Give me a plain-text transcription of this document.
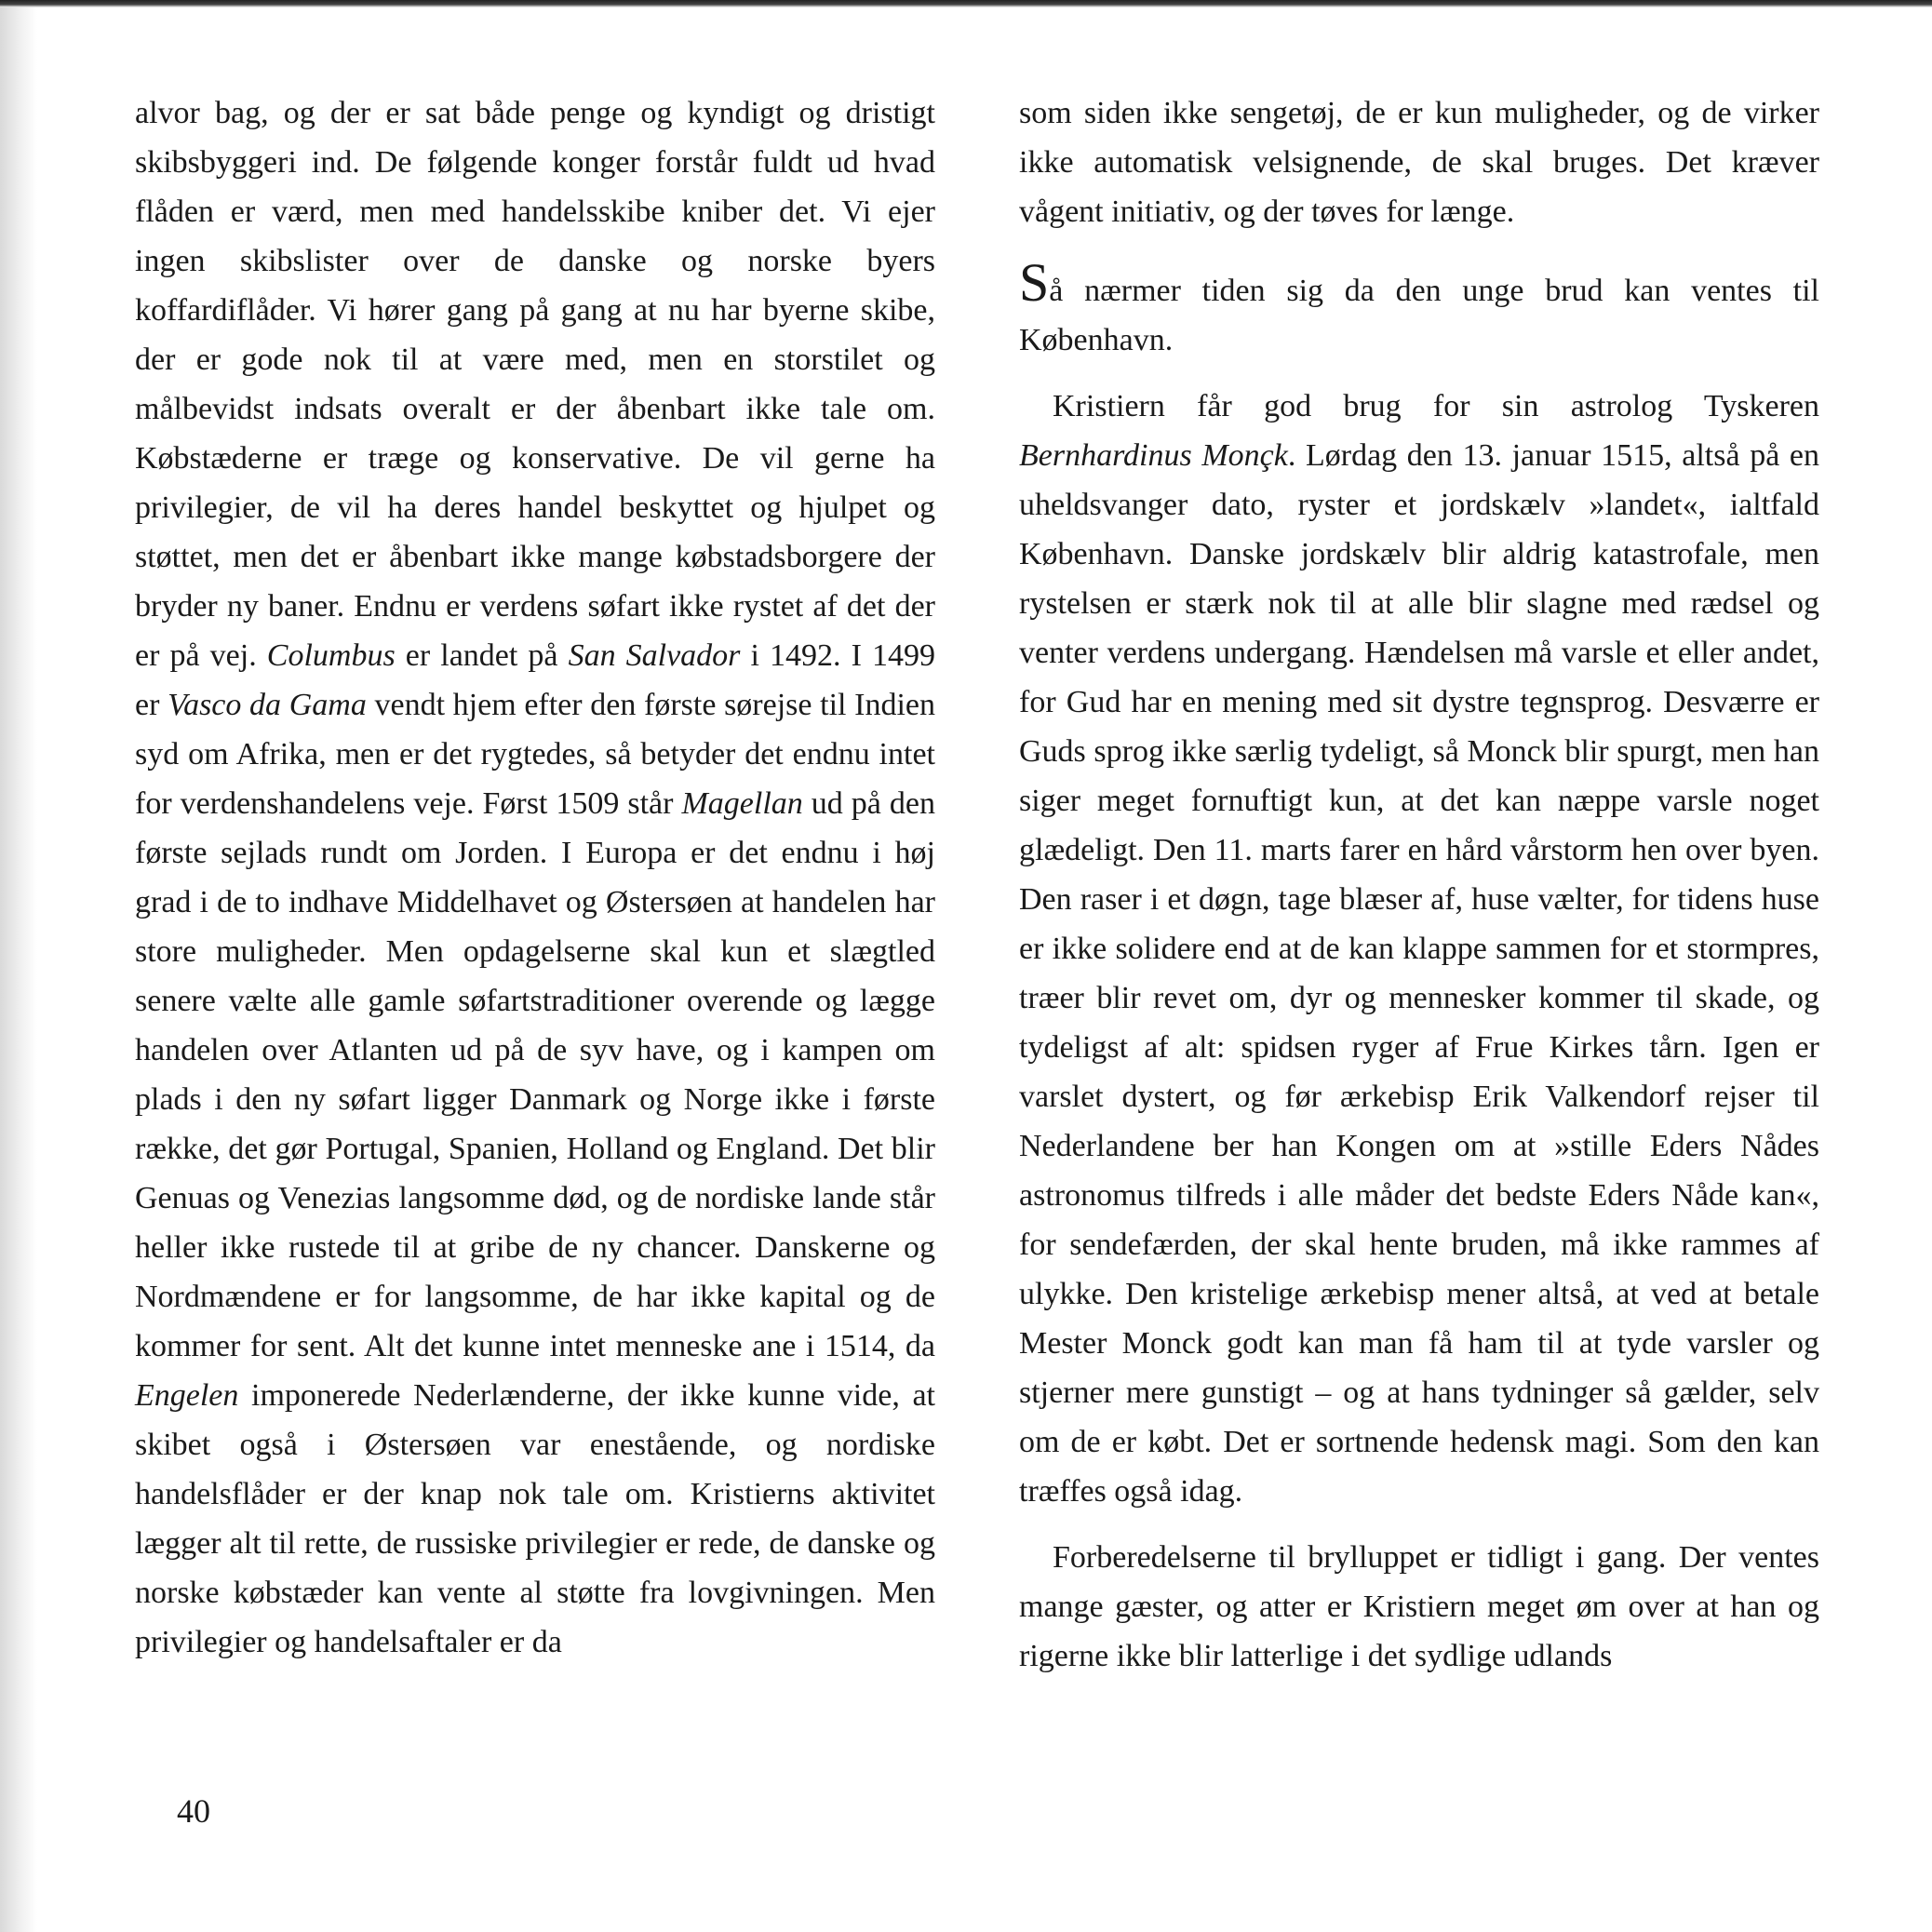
alvor bag, og der er sat både penge og kyndigt og dristigt skibsbyggeri ind. De følgende konger forstår fuldt ud hvad flåden er værd, men med handelsskibe kniber det. Vi ejer ingen skibslister over de danske og norske byers koffardiflåder. Vi hører gang på gang at nu har byerne skibe, der er gode nok til at være med, men en storstilet og målbevidst indsats overalt er der åbenbart ikke tale om. Købstæderne er træge og konservative. De vil gerne ha privilegier, de vil ha deres handel beskyttet og hjulpet og støttet, men det er åbenbart ikke mange købstadsborgere der bryder ny baner. Endnu er verdens søfart ikke rystet af det der er på vej. Columbus er landet på San Salvador i 1492. I 1499 er Vasco da Gama vendt hjem efter den første sørejse til Indien syd om Afrika, men er det rygtedes, så betyder det endnu intet for verdenshandelens veje. Først 1509 står Magellan ud på den første sejlads rundt om Jorden. I Europa er det endnu i høj grad i de to indhave Middelhavet og Østersøen at handelen har store muligheder. Men opdagelserne skal kun et slægtled senere vælte alle gamle søfartstraditioner overende og lægge handelen over Atlanten ud på de syv have, og i kampen om plads i den ny søfart ligger Danmark og Norge ikke i første række, det gør Portugal, Spanien, Holland og England. Det blir Genuas og Venezias langsomme død, og de nordiske lande står heller ikke rustede til at gribe de ny chancer. Danskerne og Nordmændene er for langsomme, de har ikke kapital og de kommer for sent. Alt det kunne intet menneske ane i 1514, da Engelen imponerede Nederlænderne, der ikke kunne vide, at skibet også i Østersøen var enestående, og nordiske handelsflåder er der knap nok tale om. Kristierns aktivitet lægger alt til rette, de russiske privilegier er rede, de danske og norske købstæder kan vente al støtte fra lovgivningen. Men privilegier og handelsaftaler er da

som siden ikke sengetøj, de er kun muligheder, og de virker ikke automatisk velsignende, de skal bruges. Det kræver vågent initiativ, og der tøves for længe.

Så nærmer tiden sig da den unge brud kan ventes til København.

Kristiern får god brug for sin astrolog Tyskeren Bernhardinus Monçk. Lørdag den 13. januar 1515, altså på en uheldsvanger dato, ryster et jordskælv »landet«, ialtfald København. Danske jordskælv blir aldrig katastrofale, men rystelsen er stærk nok til at alle blir slagne med rædsel og venter verdens undergang. Hændelsen må varsle et eller andet, for Gud har en mening med sit dystre tegnsprog. Desværre er Guds sprog ikke særlig tydeligt, så Monck blir spurgt, men han siger meget fornuftigt kun, at det kan næppe varsle noget glædeligt. Den 11. marts farer en hård vårstorm hen over byen. Den raser i et døgn, tage blæser af, huse vælter, for tidens huse er ikke solidere end at de kan klappe sammen for et stormpres, træer blir revet om, dyr og mennesker kommer til skade, og tydeligst af alt: spidsen ryger af Frue Kirkes tårn. Igen er varslet dystert, og før ærkebisp Erik Valkendorf rejser til Nederlandene ber han Kongen om at »stille Eders Nådes astronomus tilfreds i alle måder det bedste Eders Nåde kan«, for sendefærden, der skal hente bruden, må ikke rammes af ulykke. Den kristelige ærkebisp mener altså, at ved at betale Mester Monck godt kan man få ham til at tyde varsler og stjerner mere gunstigt – og at hans tydninger så gælder, selv om de er købt. Det er sortnende hedensk magi. Som den kan træffes også idag.

Forberedelserne til brylluppet er tidligt i gang. Der ventes mange gæster, og atter er Kristiern meget øm over at han og rigerne ikke blir latterlige i det sydlige udlands

40
